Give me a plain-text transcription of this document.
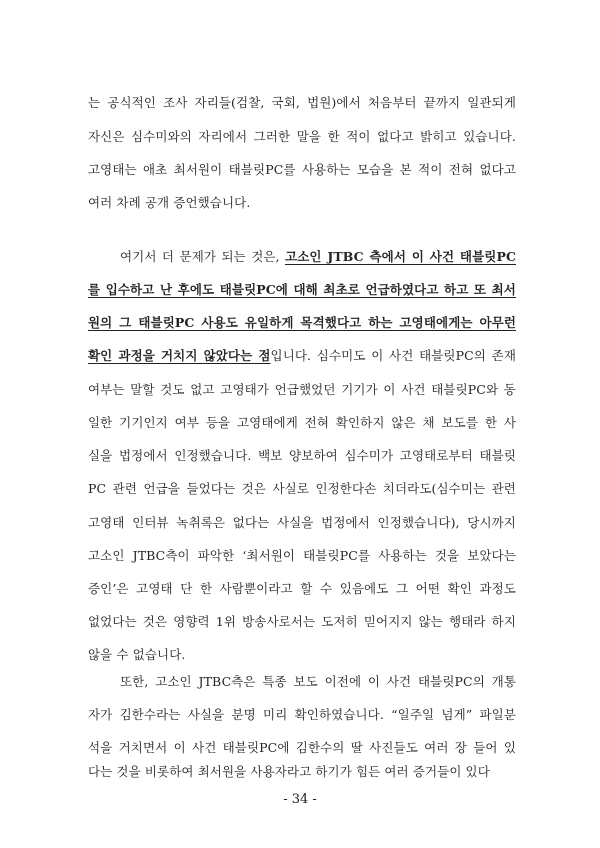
는 공식적인 조사 자리들(검찰, 국회, 법원)에서 처음부터 끝까지 일관되게
자신은 심수미와의 자리에서 그러한 말을 한 적이 없다고 밝히고 있습니다.
고영태는 애초 최서원이 태블릿PC를 사용하는 모습을 본 적이 전혀 없다고
여러 차례 공개 증언했습니다.
여기서 더 문제가 되는 것은, 고소인 JTBC 측에서 이 사건 태블릿PC
를 입수하고 난 후에도 태블릿PC에 대해 최초로 언급하였다고 하고 또 최서
원의 그 태블릿PC 사용도 유일하게 목격했다고 하는 고영태에게는 아무런
확인 과정을 거치지 않았다는 점입니다. 심수미도 이 사건 태블릿PC의 존재
여부는 말할 것도 없고 고영태가 언급했었던 기기가 이 사건 태블릿PC와 동
일한 기기인지 여부 등을 고영태에게 전혀 확인하지 않은 채 보도를 한 사
실을 법정에서 인정했습니다. 백보 양보하여 심수미가 고영태로부터 태블릿
PC 관련 언급을 들었다는 것은 사실로 인정한다손 치더라도(심수미는 관련
고영태 인터뷰 녹취록은 없다는 사실을 법정에서 인정했습니다), 당시까지
고소인 JTBC측이 파악한 ‘최서원이 태블릿PC를 사용하는 것을 보았다는
증인’은 고영태 단 한 사람뿐이라고 할 수 있음에도 그 어떤 확인 과정도
없었다는 것은 영향력 1위 방송사로서는 도저히 믿어지지 않는 행태라 하지
않을 수 없습니다.
또한, 고소인 JTBC측은 특종 보도 이전에 이 사건 태블릿PC의 개통
자가 김한수라는 사실을 분명 미리 확인하였습니다. “일주일 넘게” 파일분
석을 거치면서 이 사건 태블릿PC에 김한수의 딸 사진들도 여러 장 들어 있
다는 것을 비롯하여 최서원을 사용자라고 하기가 힘든 여러 증거들이 있다
- 34 -
